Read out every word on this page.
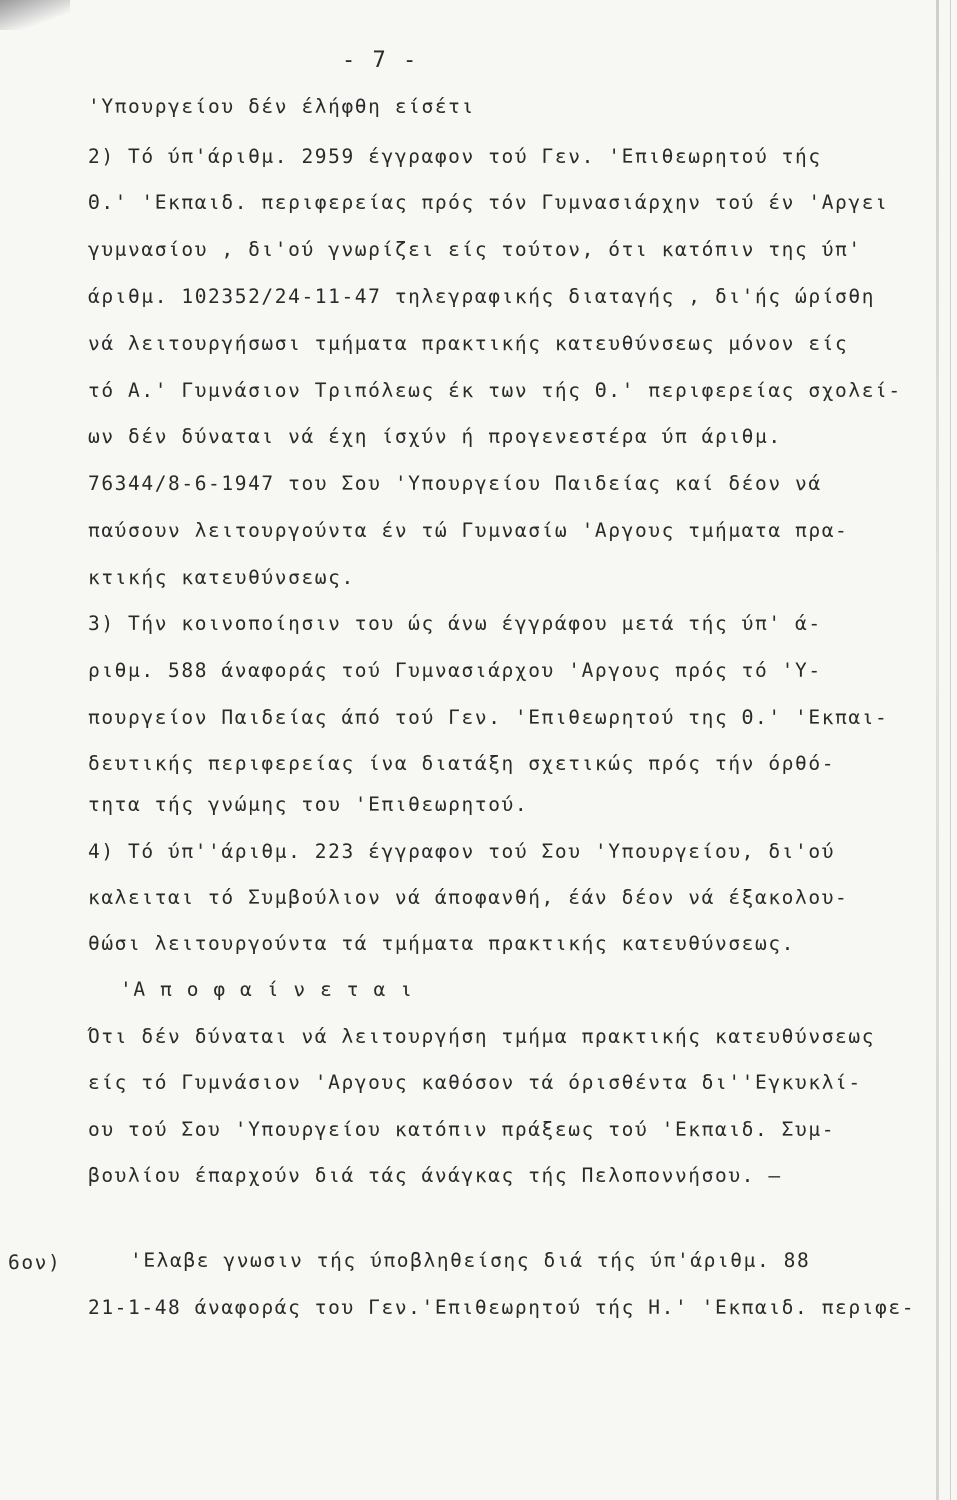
- 7 -
'Υπουργείου δέν έλήφθη είσέτι
2) Τό ύπ'άριθμ. 2959 έγγραφον τού Γεν. 'Επιθεωρητού τής
Θ.' 'Εκπαιδ. περιφερείας πρός τόν Γυμνασιάρχην τού έν 'Αργει
γυμνασίου , δι'ού γνωρίζει είς τούτον, ότι κατόπιν της ύπ'
άριθμ. 102352/24-11-47 τηλεγραφικής διαταγής , δι'ής ώρίσθη
νά λειτουργήσωσι τμήματα πρακτικής κατευθύνσεως μόνον είς
τό Α.' Γυμνάσιον Τριπόλεως έκ των τής Θ.' περιφερείας σχολεί-
ων δέν δύναται νά έχη ίσχύν ή προγενεστέρα ύπ άριθμ.
76344/8-6-1947 του Σου 'Υπουργείου Παιδείας καί δέον νά
παύσουν λειτουργούντα έν τώ Γυμνασίω 'Αργους τμήματα πρα-
κτικής κατευθύνσεως.
3) Τήν κοινοποίησιν του ώς άνω έγγράφου μετά τής ύπ' ά-
ριθμ. 588 άναφοράς τού Γυμνασιάρχου 'Αργους πρός τό 'Υ-
πουργείον Παιδείας άπό τού Γεν. 'Επιθεωρητού της Θ.' 'Εκπαι-
δευτικής περιφερείας ίνα διατάξη σχετικώς πρός τήν όρθό-
τητα τής γνώμης του 'Επιθεωρητού.
4) Τό ύπ''άριθμ. 223 έγγραφον τού Σου 'Υπουργείου, δι'ού
καλειται τό Συμβούλιον νά άποφανθή, έάν δέον νά έξακολου-
θώσι λειτουργούντα τά τμήματα πρακτικής κατευθύνσεως.
'Α π ο φ α ί ν ε τ α ι
Ότι δέν δύναται νά λειτουργήση τμήμα πρακτικής κατευθύνσεως
είς τό Γυμνάσιον 'Αργους καθόσον τά όρισθέντα δι''Εγκυκλί-
ου τού Σου 'Υπουργείου κατόπιν πράξεως τού 'Εκπαιδ. Συμ-
βουλίου έπαρχούν διά τάς άνάγκας τής Πελοποννήσου. —
6ον)	'Ελαβε γνωσιν τής ύποβληθείσης διά τής ύπ'άριθμ. 88
21-1-48 άναφοράς του Γεν.'Επιθεωρητού τής Η.' 'Εκπαιδ. περιφε-
